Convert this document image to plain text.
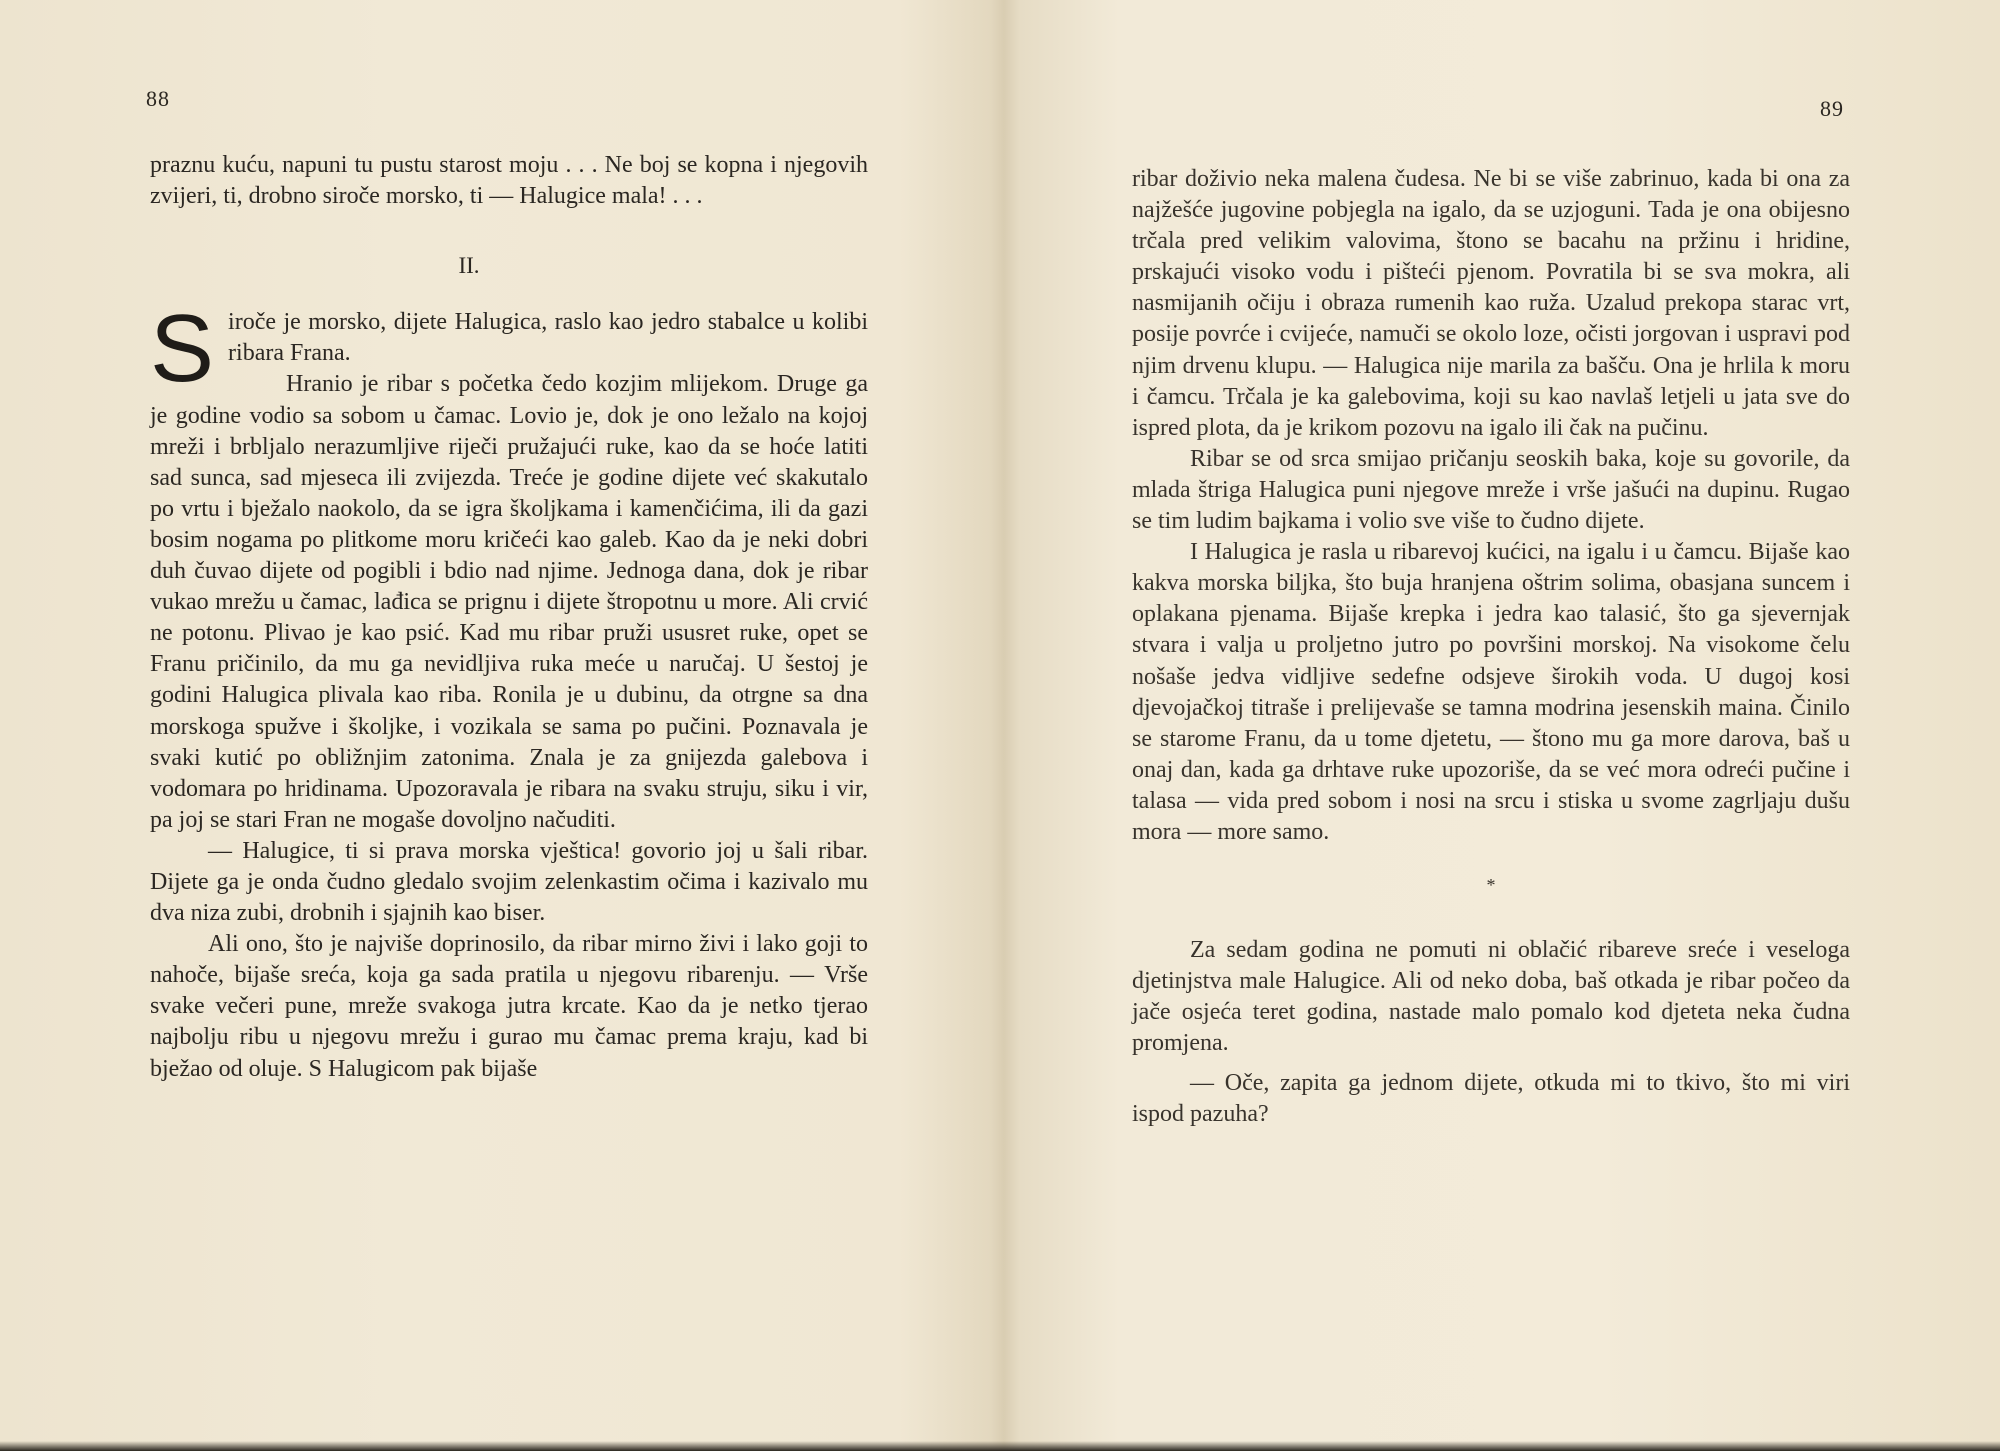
88

praznu kuću, napuni tu pustu starost moju . . . Ne boj se kopna i njegovih zvijeri, ti, drobno siroče morsko, ti — Halugice mala! . . .

II.

Siroče je morsko, dijete Halugica, raslo kao jedro stabalce u kolibi ribara Frana.

Hranio je ribar s početka čedo kozjim mlijekom. Druge ga je godine vodio sa sobom u čamac. Lovio je, dok je ono ležalo na kojoj mreži i brbljalo nerazumljive riječi pružajući ruke, kao da se hoće latiti sad sunca, sad mjeseca ili zvijezda. Treće je godine dijete već skakutalo po vrtu i bježalo naokolo, da se igra školjkama i kamenčićima, ili da gazi bosim nogama po plitkome moru kričeći kao galeb. Kao da je neki dobri duh čuvao dijete od pogibli i bdio nad njime. Jednoga dana, dok je ribar vukao mrežu u čamac, lađica se prignu i dijete štropotnu u more. Ali crvić ne potonu. Plivao je kao psić. Kad mu ribar pruži ususret ruke, opet se Franu pričinilo, da mu ga nevidljiva ruka meće u naručaj. U šestoj je godini Halugica plivala kao riba. Ronila je u dubinu, da otrgne sa dna morskoga spužve i školjke, i vozikala se sama po pučini. Poznavala je svaki kutić po obližnjim zatonima. Znala je za gnijezda galebova i vodomara po hridinama. Upozoravala je ribara na svaku struju, siku i vir, pa joj se stari Fran ne mogaše dovoljno načuditi.

— Halugice, ti si prava morska vještica! govorio joj u šali ribar. Dijete ga je onda čudno gledalo svojim zelenkastim očima i kazivalo mu dva niza zubi, drobnih i sjajnih kao biser.

Ali ono, što je najviše doprinosilo, da ribar mirno živi i lako goji to nahoče, bijaše sreća, koja ga sada pratila u njegovu ribarenju. — Vrše svake večeri pune, mreže svakoga jutra krcate. Kao da je netko tjerao najbolju ribu u njegovu mrežu i gurao mu čamac prema kraju, kad bi bježao od oluje. S Halugicom pak bijaše

89

ribar doživio neka malena čudesa. Ne bi se više zabrinuo, kada bi ona za najžešće jugovine pobjegla na igalo, da se uzjoguni. Tada je ona obijesno trčala pred velikim valovima, štono se bacahu na pržinu i hridine, prskajući visoko vodu i pišteći pjenom. Povratila bi se sva mokra, ali nasmijanih očiju i obraza rumenih kao ruža. Uzalud prekopa starac vrt, posije povrće i cvijeće, namuči se okolo loze, očisti jorgovan i uspravi pod njim drvenu klupu. — Halugica nije marila za bašču. Ona je hrlila k moru i čamcu. Trčala je ka galebovima, koji su kao navlaš letjeli u jata sve do ispred plota, da je krikom pozovu na igalo ili čak na pučinu.

Ribar se od srca smijao pričanju seoskih baka, koje su govorile, da mlada štriga Halugica puni njegove mreže i vrše jašući na dupinu. Rugao se tim ludim bajkama i volio sve više to čudno dijete.

I Halugica je rasla u ribarevoj kućici, na igalu i u čamcu. Bijaše kao kakva morska biljka, što buja hranjena oštrim solima, obasjana suncem i oplakana pjenama. Bijaše krepka i jedra kao talasić, što ga sjevernjak stvara i valja u proljetno jutro po površini morskoj. Na visokome čelu nošaše jedva vidljive sedefne odsjeve širokih voda. U dugoj kosi djevojačkoj titraše i prelijevaše se tamna modrina jesenskih maina. Činilo se starome Franu, da u tome djetetu, — štono mu ga more darova, baš u onaj dan, kada ga drhtave ruke upozoriše, da se već mora odreći pučine i talasa — vida pred sobom i nosi na srcu i stiska u svome zagrljaju dušu mora — more samo.

*

Za sedam godina ne pomuti ni oblačić ribareve sreće i veseloga djetinjstva male Halugice. Ali od neko doba, baš otkada je ribar počeo da jače osjeća teret godina, nastade malo pomalo kod djeteta neka čudna promjena.

— Oče, zapita ga jednom dijete, otkuda mi to tkivo, što mi viri ispod pazuha?
